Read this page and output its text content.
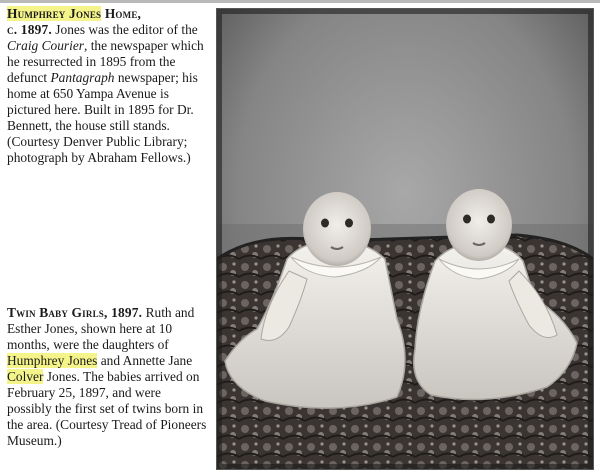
Humphrey Jones Home,
c. 1897. Jones was the editor of the Craig Courier, the newspaper which he resurrected in 1895 from the defunct Pantagraph newspaper; his home at 650 Yampa Avenue is pictured here. Built in 1895 for Dr. Bennett, the house still stands. (Courtesy Denver Public Library; photograph by Abraham Fellows.)
Twin Baby Girls, 1897. Ruth and Esther Jones, shown here at 10 months, were the daughters of Humphrey Jones and Annette Jane Colver Jones. The babies arrived on February 25, 1897, and were possibly the first set of twins born in the area. (Courtesy Tread of Pioneers Museum.)
